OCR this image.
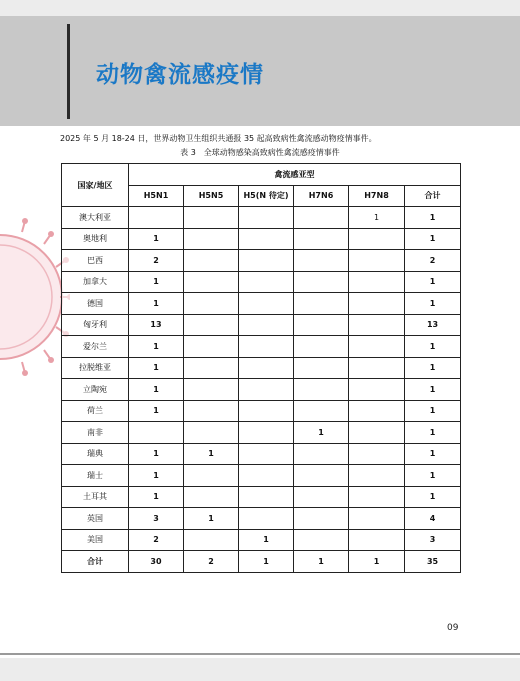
动物禽流感疫情
2025 年 5 月 18-24 日，世界动物卫生组织共通报 35 起高致病性禽流感动物疫情事件。
表 3　全球动物感染高致病性禽流感疫情事件
国家/地区	禽流感亚型					
	H5N1	H5N5	H5(N 待定)	H7N6	H7N8	合计
澳大利亚					1	1
奥地利	1					1
巴西	2					2
加拿大	1					1
德国	1					1
匈牙利	13					13
爱尔兰	1					1
拉脱维亚	1					1
立陶宛	1					1
荷兰	1					1
南非				1		1
瑞典	1	1				1
瑞士	1					1
土耳其	1					1
英国	3	1				4
美国	2		1			3
合计	30	2	1	1	1	35
09
